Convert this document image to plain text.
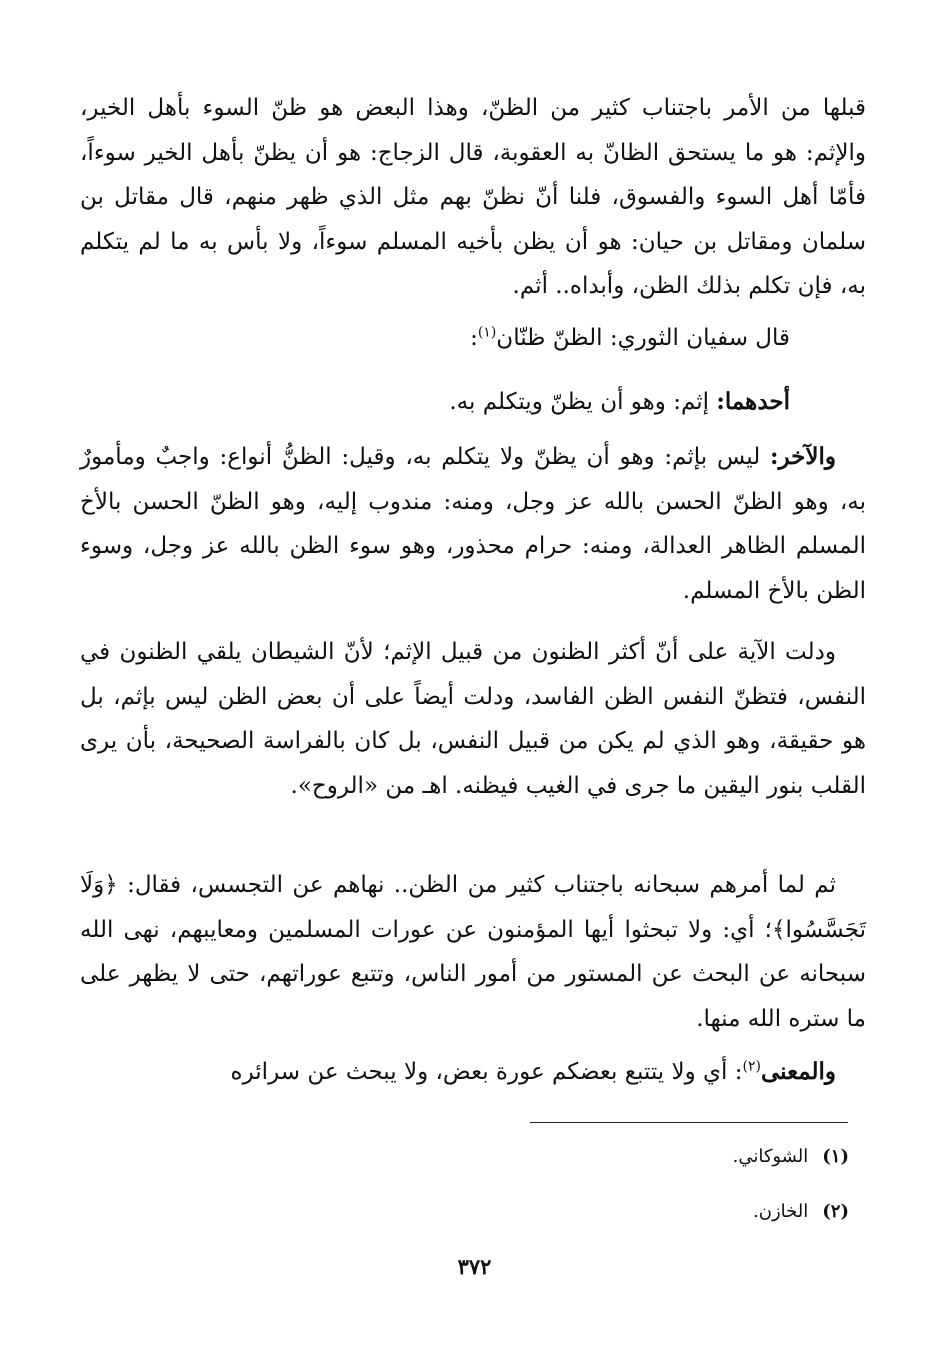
قبلها من الأمر باجتناب كثير من الظنّ، وهذا البعض هو ظنّ السوء بأهل الخير، والإثم: هو ما يستحق الظانّ به العقوبة، قال الزجاج: هو أن يظنّ بأهل الخير سوءاً، فأمّا أهل السوء والفسوق، فلنا أنّ نظنّ بهم مثل الذي ظهر منهم، قال مقاتل بن سلمان ومقاتل بن حيان: هو أن يظن بأخيه المسلم سوءاً، ولا بأس به ما لم يتكلم به، فإن تكلم بذلك الظن، وأبداه.. أثم.

قال سفيان الثوري: الظنّ ظنّان$^{(١)}$:

أحدهما: إثم: وهو أن يظنّ ويتكلم به.

والآخر: ليس بإثم: وهو أن يظنّ ولا يتكلم به، وقيل: الظنُّ أنواع: واجبٌ ومأمورٌ به، وهو الظنّ الحسن بالله عز وجل، ومنه: مندوب إليه، وهو الظنّ الحسن بالأخ المسلم الظاهر العدالة، ومنه: حرام محذور، وهو سوء الظن بالله عز وجل، وسوء الظن بالأخ المسلم.

ودلت الآية على أنّ أكثر الظنون من قبيل الإثم؛ لأنّ الشيطان يلقي الظنون في النفس، فتظنّ النفس الظن الفاسد، ودلت أيضاً على أن بعض الظن ليس بإثم، بل هو حقيقة، وهو الذي لم يكن من قبيل النفس، بل كان بالفراسة الصحيحة، بأن يرى القلب بنور اليقين ما جرى في الغيب فيظنه. اهـ من «الروح».

ثم لما أمرهم سبحانه باجتناب كثير من الظن.. نهاهم عن التجسس، فقال: ﴿وَلَا تَجَسَّسُوا﴾؛ أي: ولا تبحثوا أيها المؤمنون عن عورات المسلمين ومعايبهم، نهى الله سبحانه عن البحث عن المستور من أمور الناس، وتتبع عوراتهم، حتى لا يظهر على ما ستره الله منها.

والمعنى$^{(٢)}$: أي ولا يتتبع بعضكم عورة بعض، ولا يبحث عن سرائره

(١)الشوكاني.
(٢)الخازن.
٣٧٢
